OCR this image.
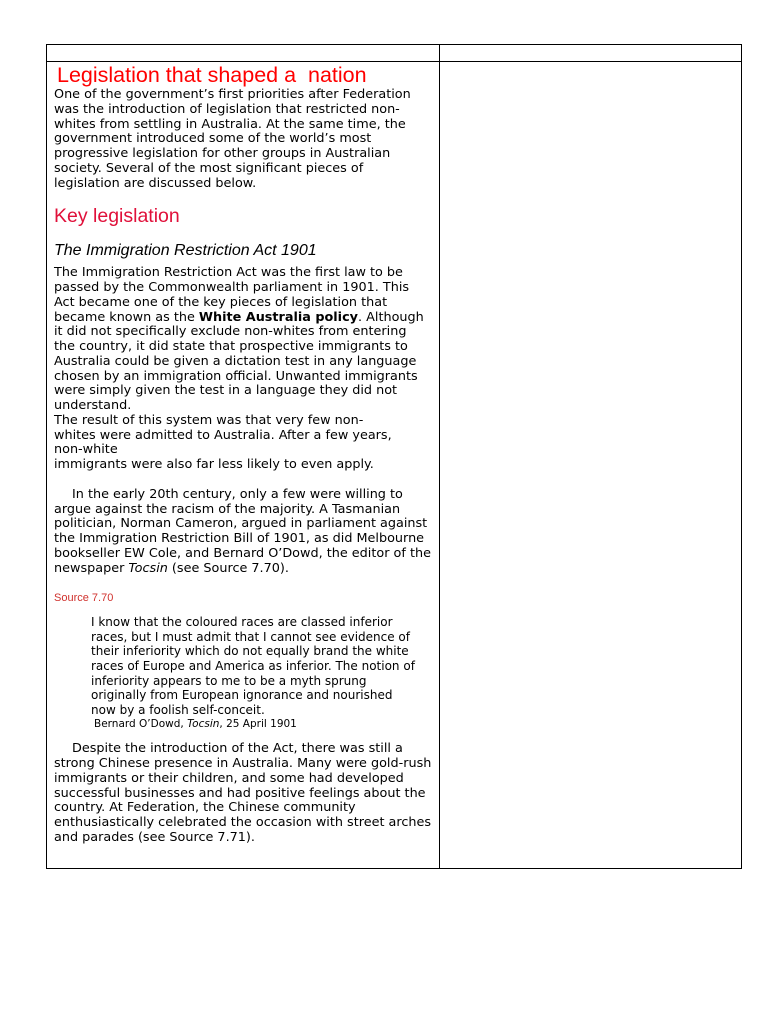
Legislation that shaped a  nation

One of the government’s first priorities after Federation
was the introduction of legislation that restricted non-
whites from settling in Australia. At the same time, the
government introduced some of the world’s most
progressive legislation for other groups in Australian
society. Several of the most significant pieces of
legislation are discussed below.

Key legislation
The Immigration Restriction Act 1901

The Immigration Restriction Act was the first law to be
passed by the Commonwealth parliament in 1901. This
Act became one of the key pieces of legislation that
became known as the White Australia policy. Although
it did not specifically exclude non-whites from entering
the country, it did state that prospective immigrants to
Australia could be given a dictation test in any language
chosen by an immigration official. Unwanted immigrants
were simply given the test in a language they did not
understand.
The result of this system was that very few non-
whites were admitted to Australia. After a few years,
non-white
immigrants were also far less likely to even apply.

In the early 20th century, only a few were willing to
argue against the racism of the majority. A Tasmanian
politician, Norman Cameron, argued in parliament against
the Immigration Restriction Bill of 1901, as did Melbourne
bookseller EW Cole, and Bernard O’Dowd, the editor of the
newspaper Tocsin (see Source 7.70).

Source 7.70

I know that the coloured races are classed inferior
races, but I must admit that I cannot see evidence of
their inferiority which do not equally brand the white
races of Europe and America as inferior. The notion of
inferiority appears to me to be a myth sprung
originally from European ignorance and nourished
now by a foolish self-conceit.

Bernard O’Dowd, Tocsin, 25 April 1901

Despite the introduction of the Act, there was still a
strong Chinese presence in Australia. Many were gold-rush
immigrants or their children, and some had developed
successful businesses and had positive feelings about the
country. At Federation, the Chinese community
enthusiastically celebrated the occasion with street arches
and parades (see Source 7.71).
